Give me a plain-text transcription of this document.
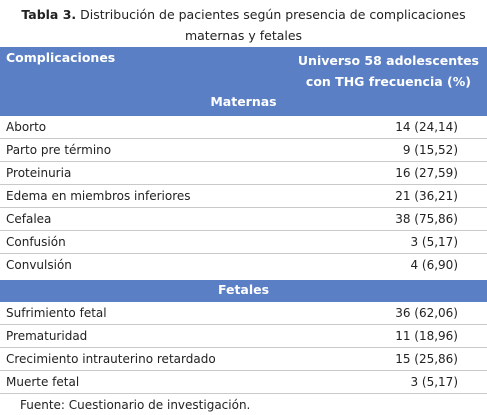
Tabla 3. Distribución de pacientes según presencia de complicaciones
maternas y fetales
Complicaciones	Universo 58 adolescentes
con THG frecuencia (%)
Maternas
Aborto	14 (24,14)
Parto pre término	9 (15,52)
Proteinuria	16 (27,59)
Edema en miembros inferiores	21 (36,21)
Cefalea	38 (75,86)
Confusión	3 (5,17)
Convulsión	4 (6,90)
Fetales
Sufrimiento fetal	36 (62,06)
Prematuridad	11 (18,96)
Crecimiento intrauterino retardado	15 (25,86)
Muerte fetal	3 (5,17)
Fuente: Cuestionario de investigación.
